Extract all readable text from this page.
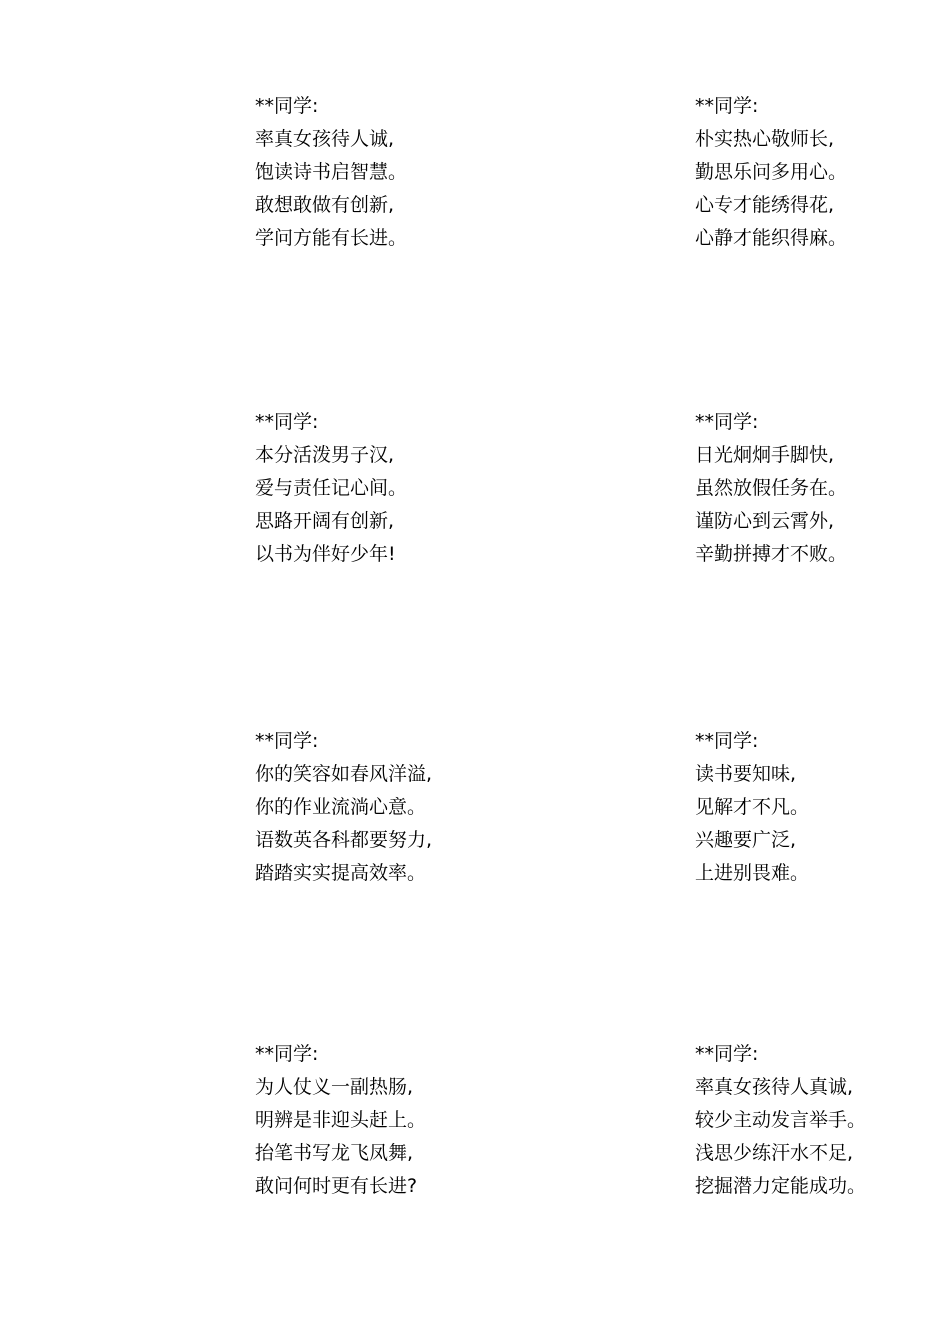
**同学:
率真女孩待人诚,
饱读诗书启智慧。
敢想敢做有创新,
学问方能有长进。
**同学:
朴实热心敬师长,
勤思乐问多用心。
心专才能绣得花,
心静才能织得麻。
**同学:
本分活泼男子汉,
爱与责任记心间。
思路开阔有创新,
以书为伴好少年!
**同学:
日光炯炯手脚快,
虽然放假任务在。
谨防心到云霄外,
辛勤拼搏才不败。
**同学:
你的笑容如春风洋溢,
你的作业流淌心意。
语数英各科都要努力,
踏踏实实提高效率。
**同学:
读书要知味,
见解才不凡。
兴趣要广泛,
上进别畏难。
**同学:
为人仗义一副热肠,
明辨是非迎头赶上。
抬笔书写龙飞凤舞,
敢问何时更有长进?
**同学:
率真女孩待人真诚,
较少主动发言举手。
浅思少练汗水不足,
挖掘潜力定能成功。
